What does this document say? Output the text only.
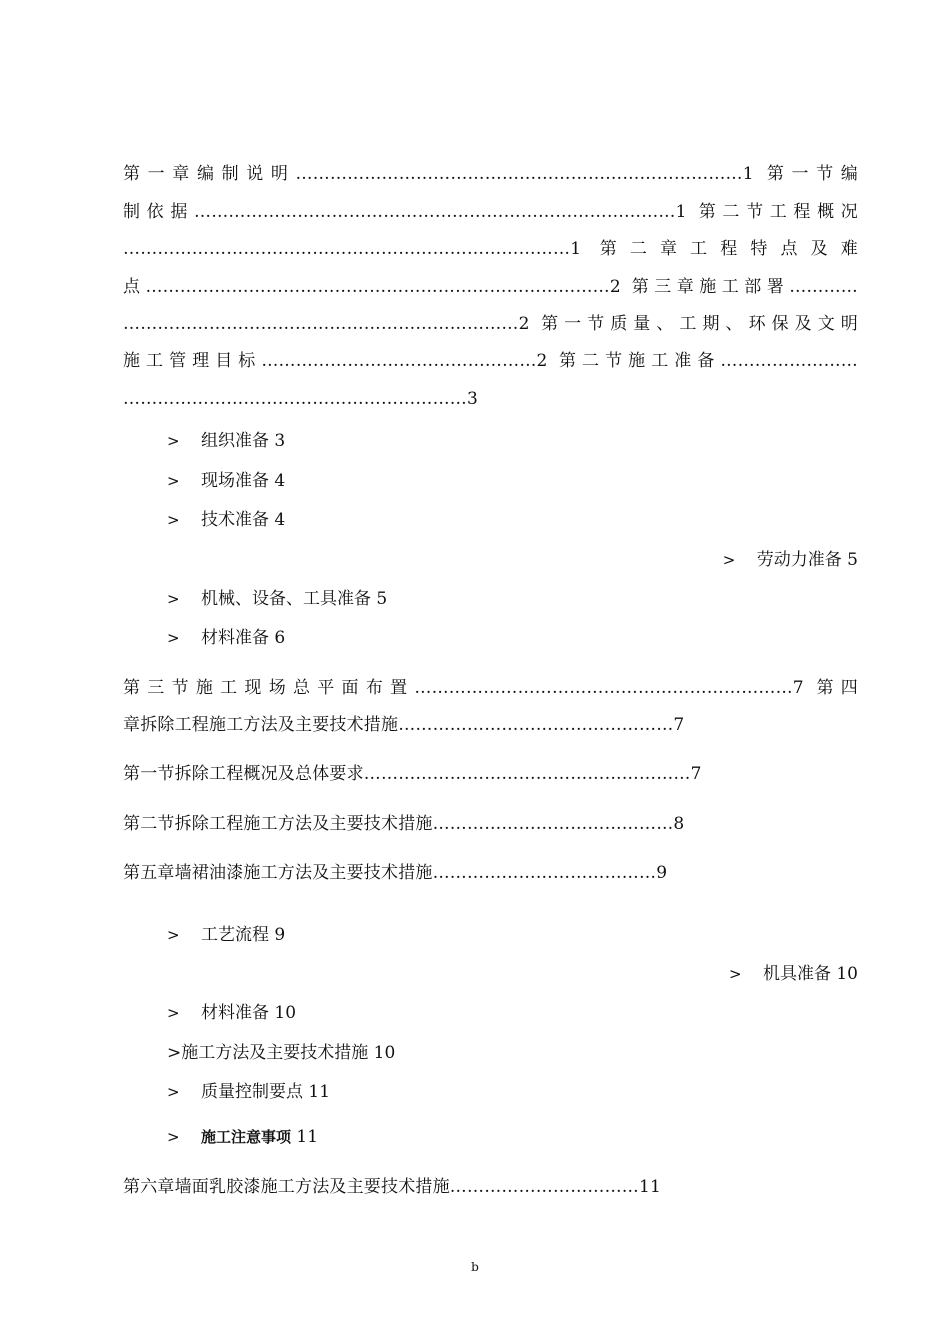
第一章编制说明……………………………………………………………………1 第一节编
制依据…………………………………………………………………………1 第二节工程概况
……………………………………………………………………1 第二章工程特点及难
点………………………………………………………………………2 第三章施工部署…………
……………………………………………………………2 第一节质量、工期、环保及文明
施工管理目标…………………………………………2 第二节施工准备……………………
……………………………………………………3
> 组织准备 3
> 现场准备 4
> 技术准备 4
> 劳动力准备 5
> 机械、设备、工具准备 5
> 材料准备 6
第三节施工现场总平面布置…………………………………………………………7 第四
章拆除工程施工方法及主要技术措施…………………………………………7
第一节拆除工程概况及总体要求…………………………………………………7
第二节拆除工程施工方法及主要技术措施……………………………………8
第五章墙裙油漆施工方法及主要技术措施…………………………………9
> 工艺流程 9
> 机具准备 10
> 材料准备 10
>施工方法及主要技术措施 10
> 质量控制要点 11
> 施工注意事项 11
第六章墙面乳胶漆施工方法及主要技术措施……………………………11
b
